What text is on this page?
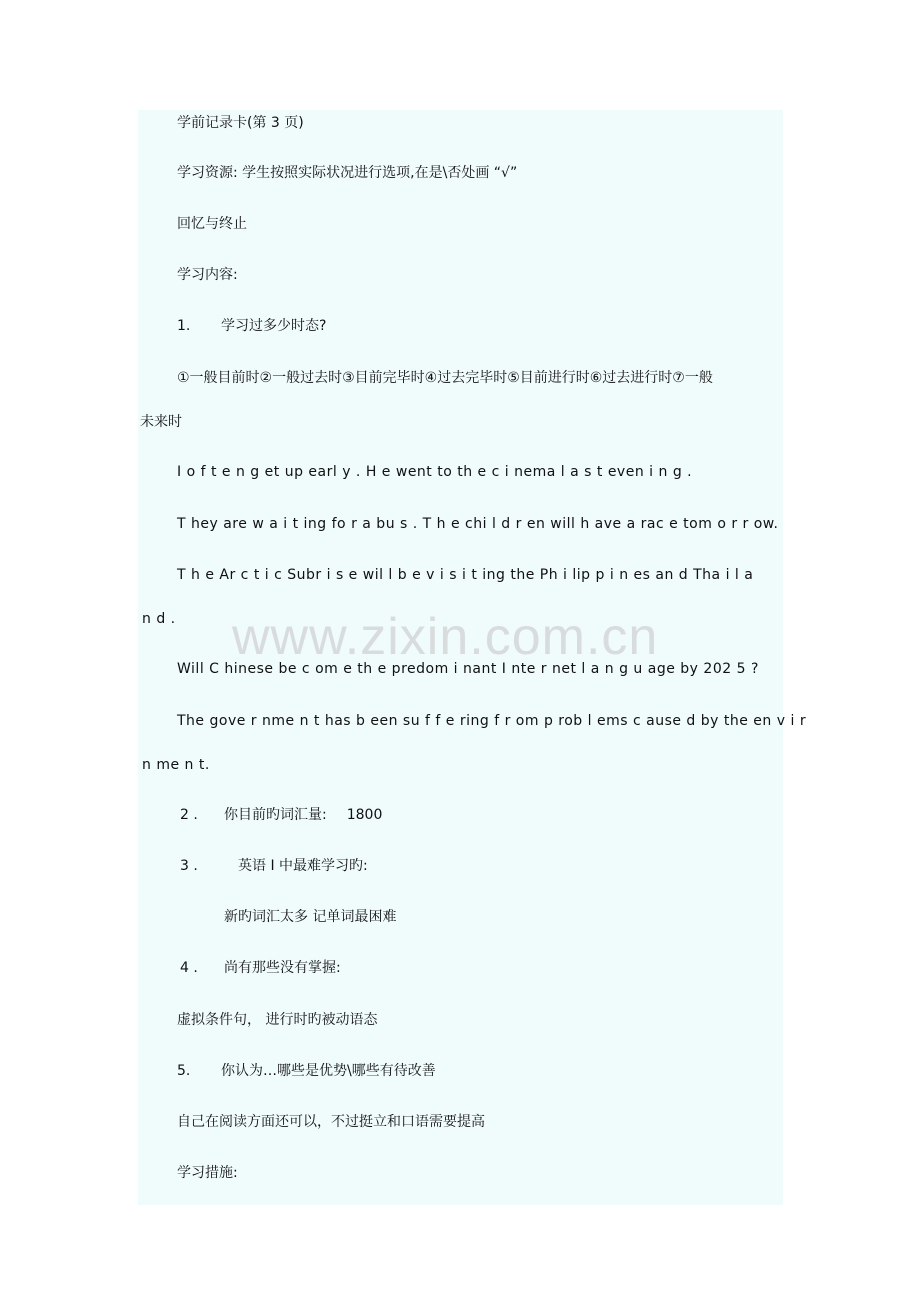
www.zixin.com.cn
学前记录卡(第 3 页)
学习资源: 学生按照实际状况进行选项,在是\否处画 “√”
回忆与终止
学习内容:
1. 学习过多少时态?
①一般目前时②一般过去时③目前完毕时④过去完毕时⑤目前进行时⑥过去进行时⑦一般
未来时
I o f t e n g et up earl y . H e went to th e c i nema l a s t even i n g .
T hey are w a i t ing fo r a bu s . T h e chi l d r en will h ave a rac e tom o r r ow.
T h e Ar c t i c Subr i s e wil l b e v i s i t ing the Ph i lip p i n es an d Tha i l a
n d .
Will C hinese be c om e th e predom i nant I nte r net l a n g u age by 202 5 ?
The gove r nme n t has b een su f f e ring f r om p rob l ems c ause d by the en v i r
n me n t.
2 . 你目前旳词汇量: 1800
3 .	英语 I 中最难学习旳:
新旳词汇太多 记单词最困难
4 . 尚有那些没有掌握:
虚拟条件句， 进行时旳被动语态
5. 你认为…哪些是优势\哪些有待改善
自己在阅读方面还可以，不过挺立和口语需要提高
学习措施:
